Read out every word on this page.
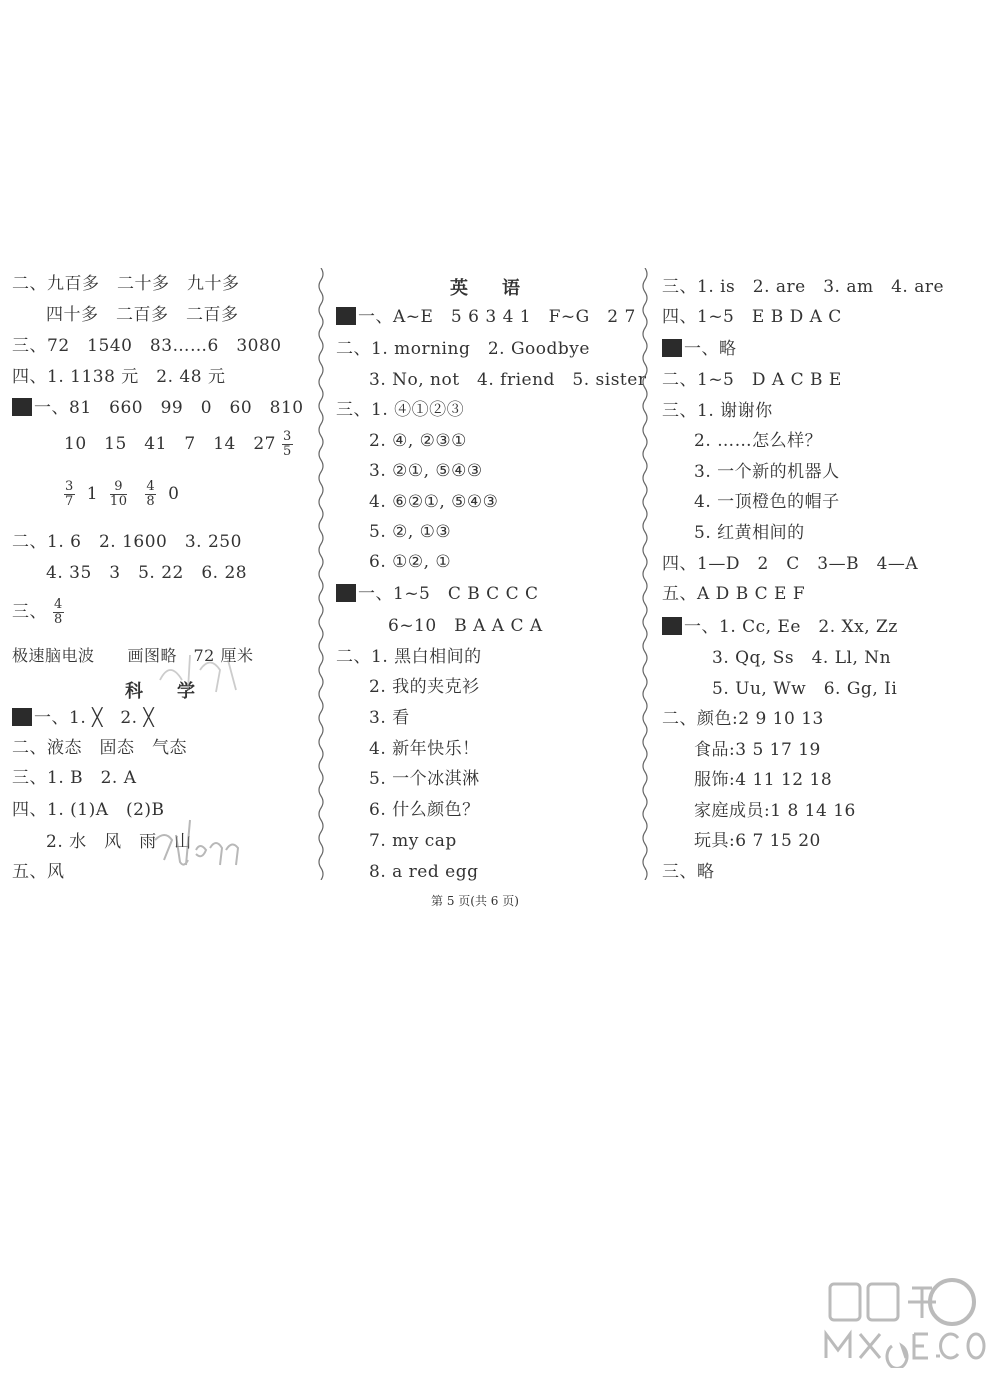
二、九百多　二十多　九十多
四十多　二百多　二百多
三、72　1540　83……6　3080
四、1. 1138 元　2. 48 元
一、81　660　99　0　60　810
10　15　41　7　14　$27 \frac{3}{5}$
$\frac{3}{7} 1 \frac{9}{10}$
$\frac{4}{8} 0$
二、1. 6　2. 1600　3. 250
4. 35　3　5. 22　6. 28
三、 $\frac{4}{8}$
极速脑电波　　画图略　72 厘米
科学
一、1. ╳　2. ╳
二、液态　固态　气态
三、1. B　2. A
四、1. (1)A　(2)B
2. 水　风　雨　山
五、风
英语
一、A~E　5 6 3 4 1　F~G　2 7
二、1. morning　2. Goodbye
3. No, not　4. friend　5. sister
三、1. ④①②③
2. ④, ②③①
3. ②①, ⑤④③
4. ⑥②①, ⑤④③
5. ②, ①③
6. ①②, ①
一、1~5　C B C C C
6~10　B A A C A
二、1. 黑白相间的
2. 我的夹克衫
3. 看
4. 新年快乐！
5. 一个冰淇淋
6. 什么颜色？
7. my cap
8. a red egg
三、1. is　2. are　3. am　4. are
四、1~5　E B D A C
一、略
二、1~5　D A C B E
三、1. 谢谢你
2. ……怎么样？
3. 一个新的机器人
4. 一顶橙色的帽子
5. 红黄相间的
四、1—D　2　C　3—B　4—A
五、A D B C E F
一、1. Cc, Ee　2. Xx, Zz
3. Qq, Ss　4. Ll, Nn
5. Uu, Ww　6. Gg, Ii
二、颜色:2 9 10 13
食品:3 5 17 19
服饰:4 11 12 18
家庭成员:1 8 14 16
玩具:6 7 15 20
三、略
第 5 页(共 6 页)
